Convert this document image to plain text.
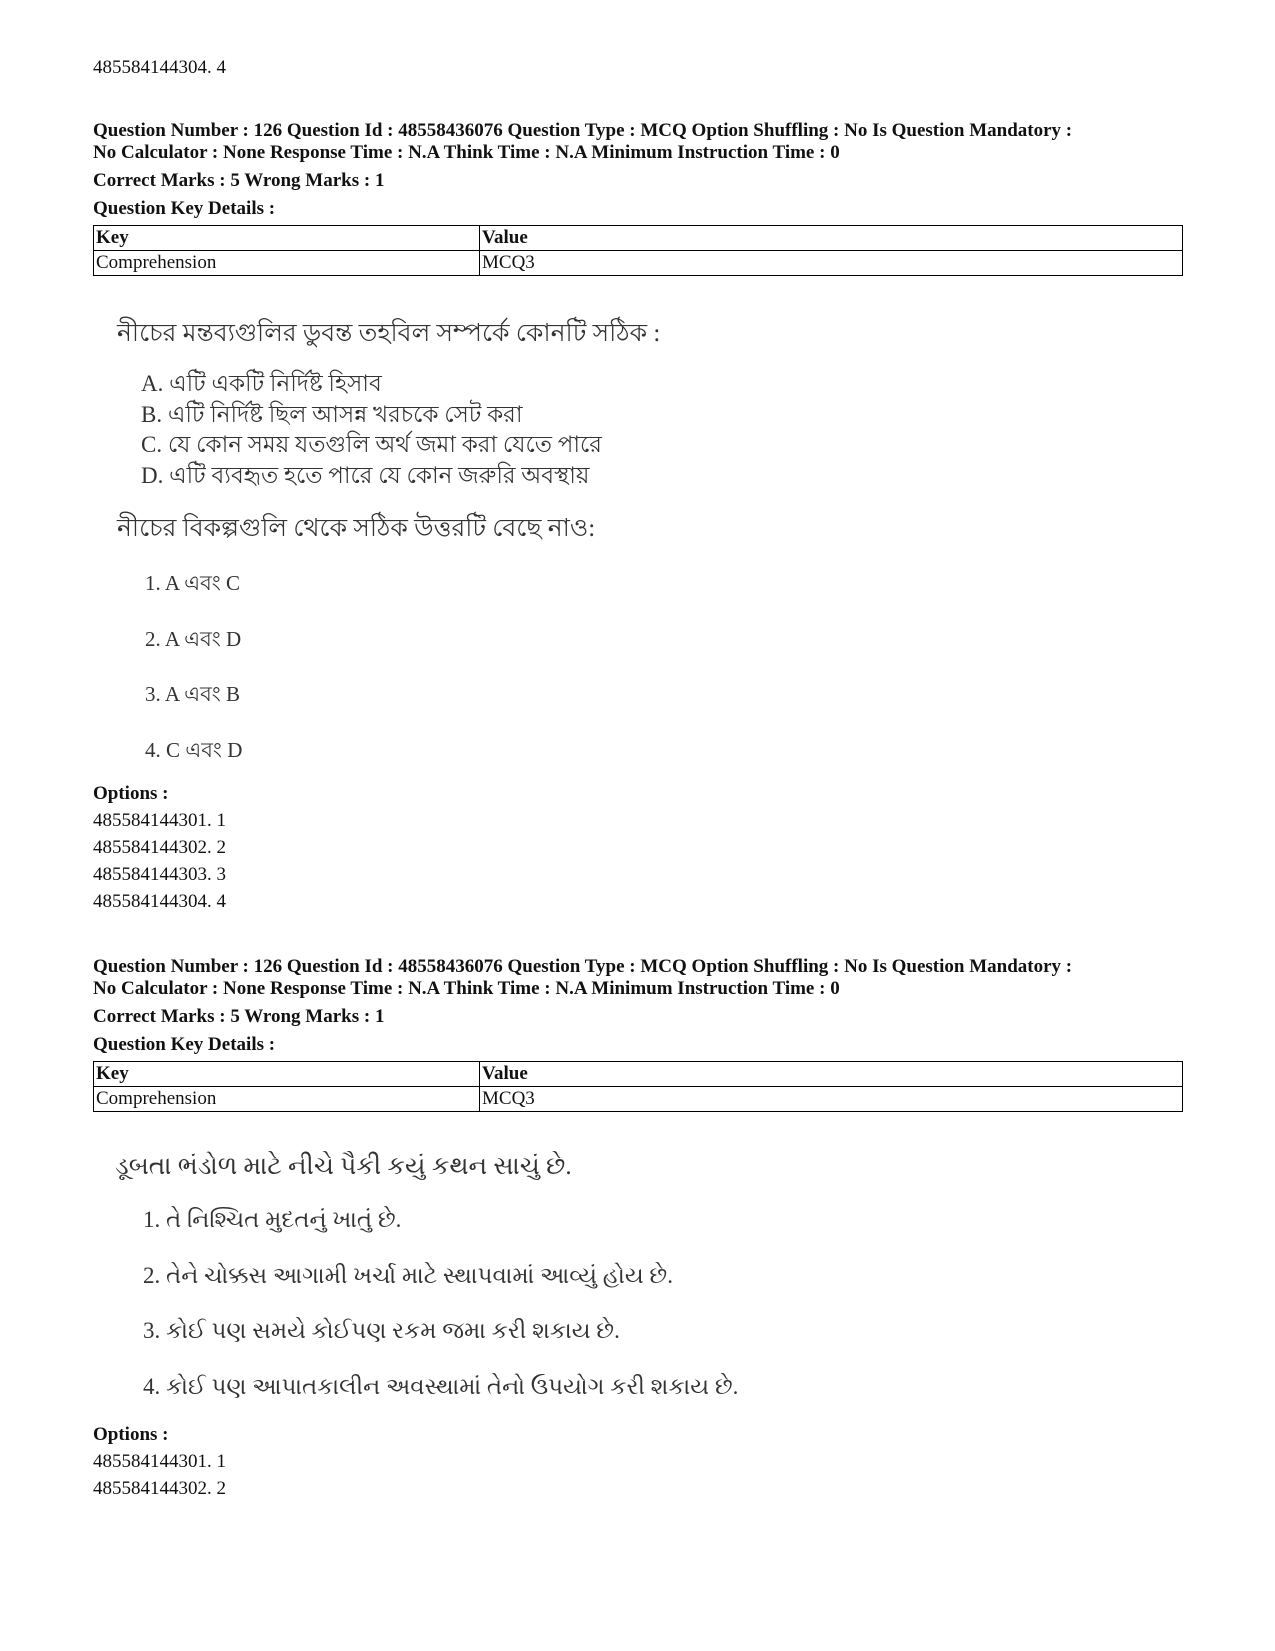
485584144304. 4
Question Number : 126 Question Id : 48558436076 Question Type : MCQ Option Shuffling : No Is Question Mandatory :
No Calculator : None Response Time : N.A Think Time : N.A Minimum Instruction Time : 0
Correct Marks : 5 Wrong Marks : 1
Question Key Details :
Key	Value
Comprehension	MCQ3
নীচের মন্তব্যগুলির ডুবন্ত তহবিল সম্পর্কে কোনটি সঠিক :
A. এটি একটি নির্দিষ্ট হিসাব
B. এটি নির্দিষ্ট ছিল আসন্ন খরচকে সেট করা
C. যে কোন সময় যতগুলি অর্থ জমা করা যেতে পারে
D. এটি ব্যবহৃত হতে পারে যে কোন জরুরি অবস্থায়
নীচের বিকল্পগুলি থেকে সঠিক উত্তরটি বেছে নাও:
1. A এবং C
2. A এবং D
3. A এবং B
4. C এবং D
Options :
485584144301. 1
485584144302. 2
485584144303. 3
485584144304. 4
Question Number : 126 Question Id : 48558436076 Question Type : MCQ Option Shuffling : No Is Question Mandatory :
No Calculator : None Response Time : N.A Think Time : N.A Minimum Instruction Time : 0
Correct Marks : 5 Wrong Marks : 1
Question Key Details :
Key	Value
Comprehension	MCQ3
ડૂબતા ભંડોળ માટે નીચે પૈકી કયું કથન સાચું છે.
1. તે નિશ્ચિત મુદતનું ખાતું છે.
2. તેને ચોક્કસ આગામી ખર્ચા માટે સ્થાપવામાં આવ્યું હોય છે.
3. કોઈ પણ સમયે કોઈપણ રકમ જમા કરી શકાય છે.
4. કોઈ પણ આપાતકાલીન અવસ્થામાં તેનો ઉપયોગ કરી શકાય છે.
Options :
485584144301. 1
485584144302. 2
